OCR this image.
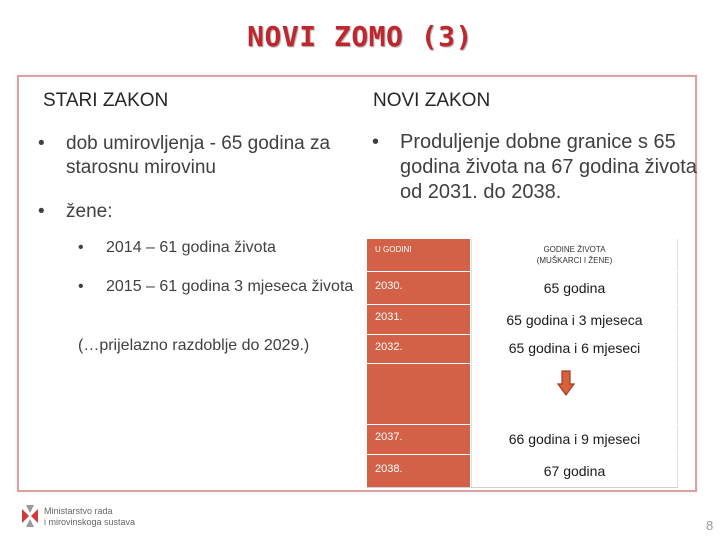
NOVI ZOMO (3)
STARI ZAKON
• dob umirovljenja - 65 godina za starosnu mirovinu
• žene:
• 2014 – 61 godina života
• 2015 – 61 godina 3 mjeseca života
(…prijelazno razdoblje do 2029.)
NOVI ZAKON
• Produljenje dobne granice s 65 godina života na 67 godina života od 2031. do 2038.
U GODINI	GODINE ŽIVOTA
(MUŠKARCI I ŽENE)
2030.	65 godina
2031.	65 godina i 3 mjeseca
2032.	65 godina i 6 mjeseci
2037.	66 godina i 9 mjeseci
2038.	67 godina
Ministarstvo rada
i mirovinskoga sustava	8
